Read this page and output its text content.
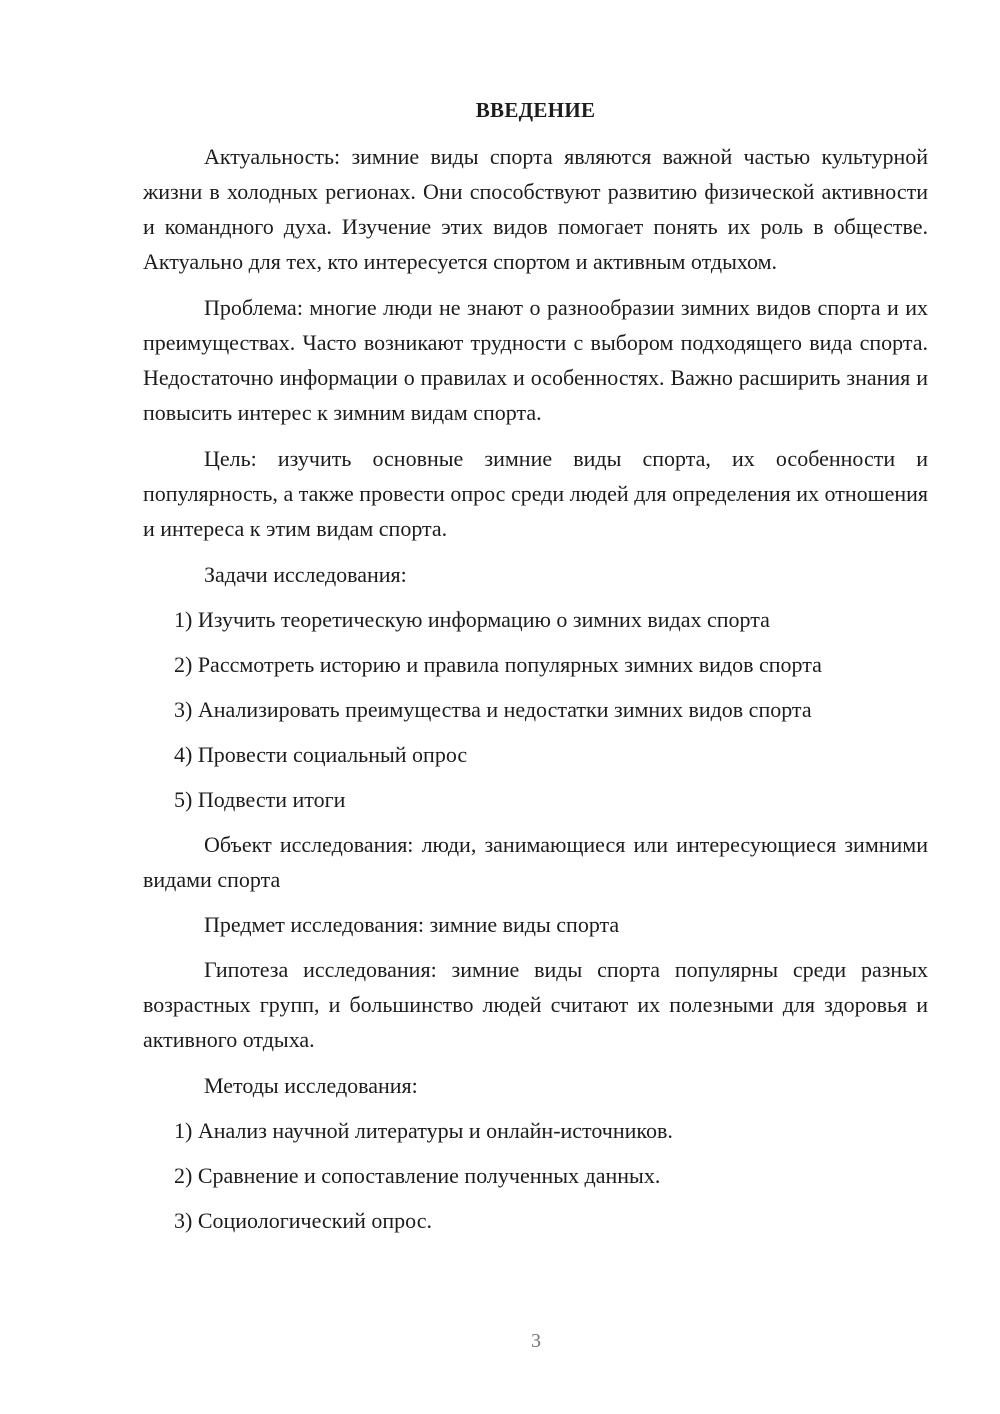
ВВЕДЕНИЕ

Актуальность: зимние виды спорта являются важной частью культурной жизни в холодных регионах. Они способствуют развитию физической активности и командного духа. Изучение этих видов помогает понять их роль в обществе. Актуально для тех, кто интересуется спортом и активным отдыхом.

Проблема: многие люди не знают о разнообразии зимних видов спорта и их преимуществах. Часто возникают трудности с выбором подходящего вида спорта. Недостаточно информации о правилах и особенностях. Важно расширить знания и повысить интерес к зимним видам спорта.

Цель: изучить основные зимние виды спорта, их особенности и популярность, а также провести опрос среди людей для определения их отношения и интереса к этим видам спорта.

Задачи исследования:

1) Изучить теоретическую информацию о зимних видах спорта

2) Рассмотреть историю и правила популярных зимних видов спорта

3) Анализировать преимущества и недостатки зимних видов спорта

4) Провести социальный опрос

5) Подвести итоги

Объект исследования: люди, занимающиеся или интересующиеся зимними видами спорта

Предмет исследования: зимние виды спорта

Гипотеза исследования: зимние виды спорта популярны среди разных возрастных групп, и большинство людей считают их полезными для здоровья и активного отдыха.

Методы исследования:

1) Анализ научной литературы и онлайн-источников.

2) Сравнение и сопоставление полученных данных.

3) Социологический опрос.

3
